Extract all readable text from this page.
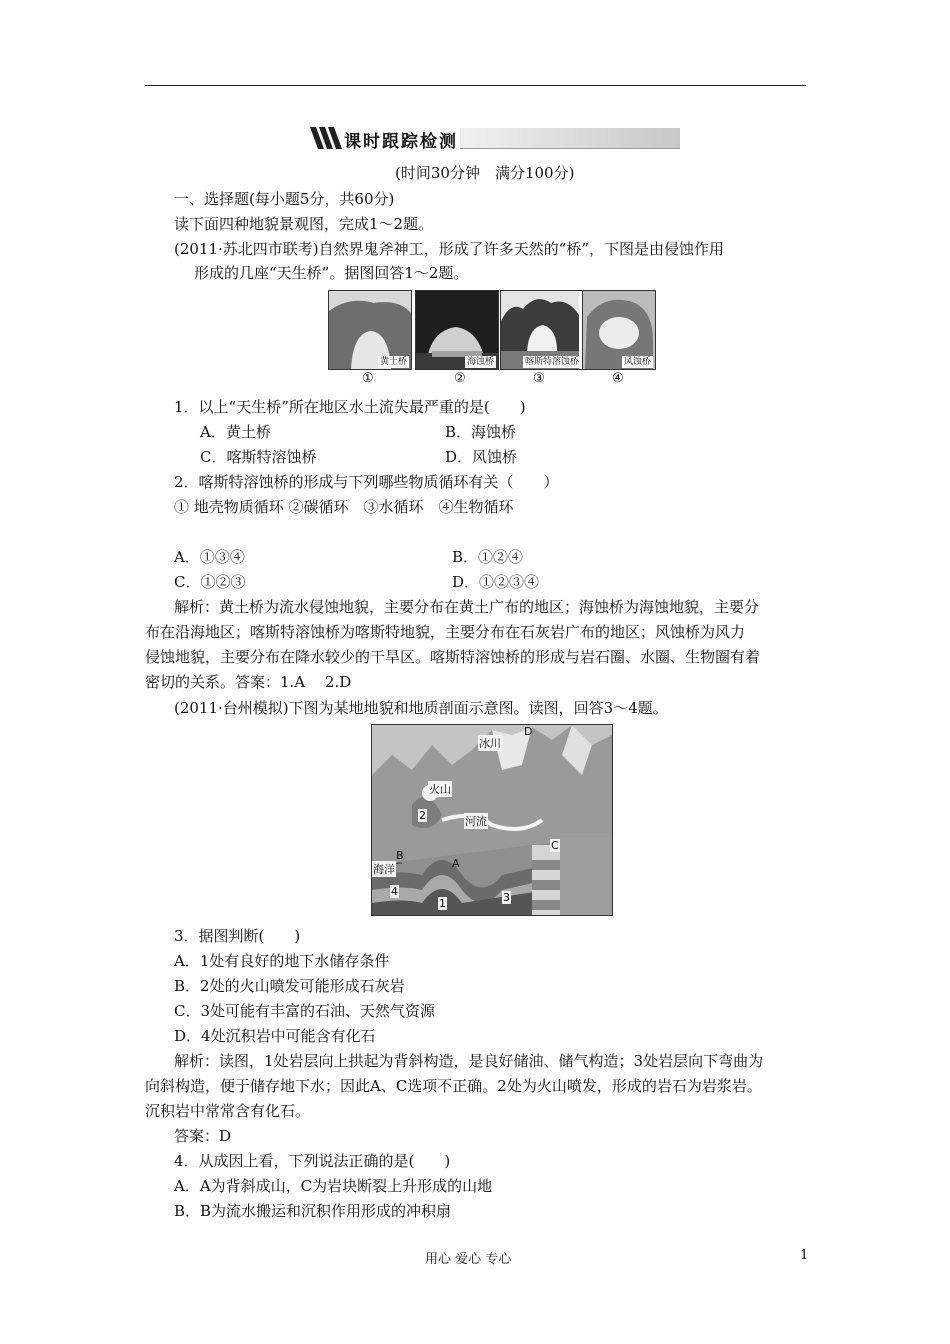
课时跟踪检测
(时间30分钟　满分100分)
一、选择题(每小题5分，共60分)
读下面四种地貌景观图，完成1～2题。
(2011·苏北四市联考)自然界鬼斧神工，形成了许多天然的“桥”，下图是由侵蚀作用
形成的几座“天生桥”。据图回答1～2题。
黄土桥	海蚀桥	喀斯特溶蚀桥	风蚀桥
①	②	③	④
1．以上“天生桥”所在地区水土流失最严重的是(　　)
A．黄土桥	B．海蚀桥
C．喀斯特溶蚀桥	D．风蚀桥
2．喀斯特溶蚀桥的形成与下列哪些物质循环有关（　　）
① 地壳物质循环 ②碳循环　③水循环　④生物循环
A．①③④	B．①②④
C．①②③	D．①②③④
解析：黄土桥为流水侵蚀地貌，主要分布在黄土广布的地区；海蚀桥为海蚀地貌，主要分
布在沿海地区；喀斯特溶蚀桥为喀斯特地貌，主要分布在石灰岩广布的地区；风蚀桥为风力
侵蚀地貌，主要分布在降水较少的干旱区。喀斯特溶蚀桥的形成与岩石圈、水圈、生物圈有着
密切的关系。答案：1.A　 2.D
(2011·台州模拟)下图为某地地貌和地质剖面示意图。读图，回答3～4题。
冰川
D
火山
2	河流
B
海洋	A
C
4
1	3
3．据图判断(　　)
A．1处有良好的地下水储存条件
B．2处的火山喷发可能形成石灰岩
C．3处可能有丰富的石油、天然气资源
D．4处沉积岩中可能含有化石
解析：读图，1处岩层向上拱起为背斜构造，是良好储油、储气构造；3处岩层向下弯曲为
向斜构造，便于储存地下水；因此A、C选项不正确。2处为火山喷发，形成的岩石为岩浆岩。
沉积岩中常常含有化石。
答案：D
4．从成因上看，下列说法正确的是(　　)
A．A为背斜成山，C为岩块断裂上升形成的山地
B．B为流水搬运和沉积作用形成的冲积扇
用心 爱心 专心	1
